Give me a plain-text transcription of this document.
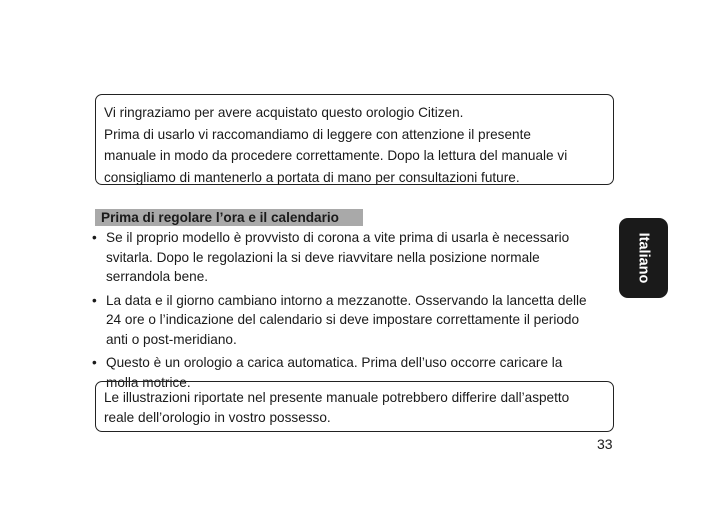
Vi ringraziamo per avere acquistato questo orologio Citizen.

Prima di usarlo vi raccomandiamo di leggere con attenzione il presente

manuale in modo da procedere correttamente. Dopo la lettura del manuale vi

consigliamo di mantenerlo a portata di mano per consultazioni future.

Prima di regolare l’ora e il calendario
• Se il proprio modello è provvisto di corona a vite prima di usarla è necessario
svitarla. Dopo le regolazioni la si deve riavvitare nella posizione normale
serrandola bene.
• La data e il giorno cambiano intorno a mezzanotte. Osservando la lancetta delle
24 ore o l’indicazione del calendario si deve impostare correttamente il periodo
anti o post-meridiano.
• Questo è un orologio a carica automatica. Prima dell’uso occorre caricare la
molla motrice.

Le illustrazioni riportate nel presente manuale potrebbero differire dall’aspetto

reale dell’orologio in vostro possesso.

Italiano
33
